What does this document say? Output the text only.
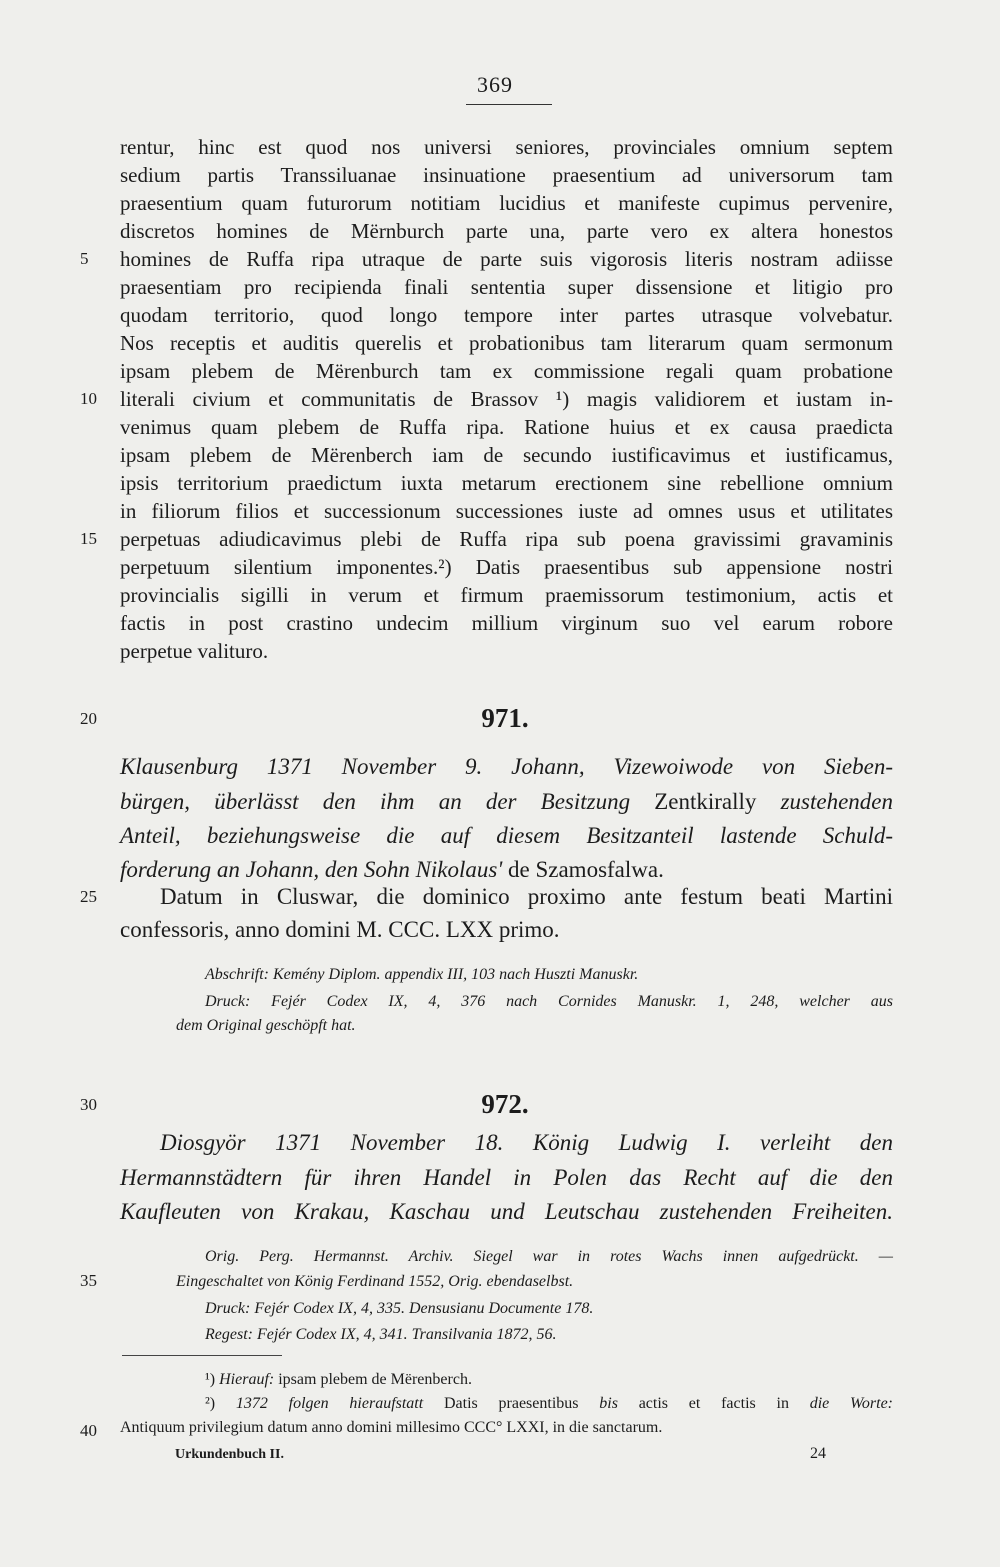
369
5
10
15
20
25
30
35
40
rentur, hinc est quod nos universi seniores, provinciales omnium septem
sedium partis Transsiluanae insinuatione praesentium ad universorum tam
praesentium quam futurorum notitiam lucidius et manifeste cupimus pervenire,
discretos homines de Mërnburch parte una, parte vero ex altera honestos
homines de Ruffa ripa utraque de parte suis vigorosis literis nostram adiisse
praesentiam pro recipienda finali sententia super dissensione et litigio pro
quodam territorio, quod longo tempore inter partes utrasque volvebatur.
Nos receptis et auditis querelis et probationibus tam literarum quam sermonum
ipsam plebem de Mërenburch tam ex commissione regali quam probatione
literali civium et communitatis de Brassov ¹) magis validiorem et iustam in-
venimus quam plebem de Ruffa ripa. Ratione huius et ex causa praedicta
ipsam plebem de Mërenberch iam de secundo iustificavimus et iustificamus,
ipsis territorium praedictum iuxta metarum erectionem sine rebellione omnium
in filiorum filios et successionum successiones iuste ad omnes usus et utilitates
perpetuas adiudicavimus plebi de Ruffa ripa sub poena gravissimi gravaminis
perpetuum silentium imponentes.²) Datis praesentibus sub appensione nostri
provincialis sigilli in verum et firmum praemissorum testimonium, actis et
factis in post crastino undecim millium virginum suo vel earum robore
perpetue valituro.
971.
Klausenburg 1371 November 9. Johann, Vizewoiwode von Sieben-
bürgen, überlässt den ihm an der Besitzung Zentkirally zustehenden
Anteil, beziehungsweise die auf diesem Besitzanteil lastende Schuld-
forderung an Johann, den Sohn Nikolaus' de Szamosfalwa.
Datum in Cluswar, die dominico proximo ante festum beati Martini
confessoris, anno domini M. CCC. LXX primo.
Abschrift: Kemény Diplom. appendix III, 103 nach Huszti Manuskr.
Druck: Fejér Codex IX, 4, 376 nach Cornides Manuskr. 1, 248, welcher aus
dem Original geschöpft hat.
972.
Diosgyör 1371 November 18. König Ludwig I. verleiht den
Hermannstädtern für ihren Handel in Polen das Recht auf die den
Kaufleuten von Krakau, Kaschau und Leutschau zustehenden Freiheiten.
Orig. Perg. Hermannst. Archiv. Siegel war in rotes Wachs innen aufgedrückt. —
Eingeschaltet von König Ferdinand 1552, Orig. ebendaselbst.
Druck: Fejér Codex IX, 4, 335. Densusianu Documente 178.
Regest: Fejér Codex IX, 4, 341. Transilvania 1872, 56.
¹) Hierauf: ipsam plebem de Mërenberch.
²) 1372 folgen hieraufstatt Datis praesentibus bis actis et factis in die Worte:
Antiquum privilegium datum anno domini millesimo CCC° LXXI, in die sanctarum.
Urkundenbuch II.	24
